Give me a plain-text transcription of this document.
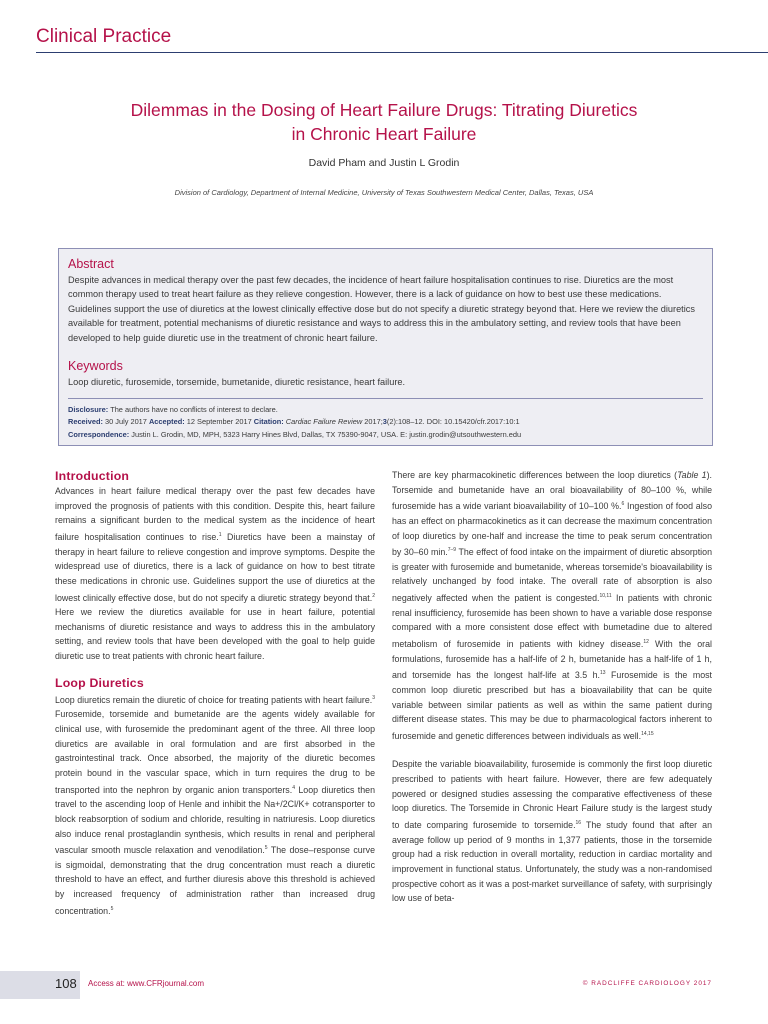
Clinical Practice
Dilemmas in the Dosing of Heart Failure Drugs: Titrating Diuretics
in Chronic Heart Failure
David Pham and Justin L Grodin
Division of Cardiology, Department of Internal Medicine, University of Texas Southwestern Medical Center, Dallas, Texas, USA
Abstract
Despite advances in medical therapy over the past few decades, the incidence of heart failure hospitalisation continues to rise. Diuretics are the most common therapy used to treat heart failure as they relieve congestion. However, there is a lack of guidance on how to best use these medications. Guidelines support the use of diuretics at the lowest clinically effective dose but do not specify a diuretic strategy beyond that. Here we review the diuretics available for treatment, potential mechanisms of diuretic resistance and ways to address this in the ambulatory setting, and review tools that have been developed to help guide diuretic use in the treatment of chronic heart failure.
Keywords
Loop diuretic, furosemide, torsemide, bumetanide, diuretic resistance, heart failure.
Disclosure: The authors have no conflicts of interest to declare.
Received: 30 July 2017 Accepted: 12 September 2017 Citation: Cardiac Failure Review 2017;3(2):108–12. DOI: 10.15420/cfr.2017:10:1
Correspondence: Justin L. Grodin, MD, MPH, 5323 Harry Hines Blvd, Dallas, TX 75390-9047, USA. E: justin.grodin@utsouthwestern.edu
Introduction

Advances in heart failure medical therapy over the past few decades have improved the prognosis of patients with this condition. Despite this, heart failure remains a significant burden to the medical system as the incidence of heart failure hospitalisation continues to rise.$^1$ Diuretics have been a mainstay of therapy in heart failure to relieve congestion and improve symptoms. Despite the widespread use of diuretics, there is a lack of guidance on how to best titrate these medications in chronic use. Guidelines support the use of diuretics at the lowest clinically effective dose, but do not specify a diuretic strategy beyond that.$^2$ Here we review the diuretics available for use in heart failure, potential mechanisms of diuretic resistance and ways to address this in the ambulatory setting, and review tools that have been developed with the goal to help guide diuretic use to treat patients with chronic heart failure.

Loop Diuretics

Loop diuretics remain the diuretic of choice for treating patients with heart failure.$^3$ Furosemide, torsemide and bumetanide are the agents widely available for clinical use, with furosemide the predominant agent of the three. All three loop diuretics are available in oral formulation and are first absorbed in the gastrointestinal track. Once absorbed, the majority of the diuretic becomes protein bound in the vascular space, which in turn requires the drug to be transported into the nephron by organic anion transporters.$^4$ Loop diuretics then travel to the ascending loop of Henle and inhibit the Na+/2Cl/K+ cotransporter to block reabsorption of sodium and chloride, resulting in natriuresis. Loop diuretics also induce renal prostaglandin synthesis, which results in renal and peripheral vascular smooth muscle relaxation and venodilation.$^5$ The dose–response curve is sigmoidal, demonstrating that the drug concentration must reach a diuretic threshold to have an effect, and further diuresis above this threshold is achieved by increased frequency of administration rather than increased drug concentration.$^5$

There are key pharmacokinetic differences between the loop diuretics (Table 1). Torsemide and bumetanide have an oral bioavailability of 80–100 %, while furosemide has a wide variant bioavailability of 10–100 %.$^6$ Ingestion of food also has an effect on pharmacokinetics as it can decrease the maximum concentration of loop diuretics by one-half and increase the time to peak serum concentration by 30–60 min.$^{7-9}$ The effect of food intake on the impairment of diuretic absorption is greater with furosemide and bumetanide, whereas torsemide's bioavailability is relatively unchanged by food intake. The overall rate of absorption is also negatively affected when the patient is congested.$^{10,11}$ In patients with chronic renal insufficiency, furosemide has been shown to have a variable dose response compared with a more consistent dose effect with bumetadine due to altered metabolism of furosemide in patients with kidney disease.$^{12}$ With the oral formulations, furosemide has a half-life of 2 h, bumetanide has a half-life of 1 h, and torsemide has the longest half-life at 3.5 h.$^{13}$ Furosemide is the most common loop diuretic prescribed but has a bioavailability that can be quite variable between similar patients as well as within the same patient during different disease states. This may be due to pharmacological factors inherent to furosemide and genetic differences between individuals as well.$^{14,15}$

Despite the variable bioavailability, furosemide is commonly the first loop diuretic prescribed to patients with heart failure. However, there are few adequately powered or designed studies assessing the comparative effectiveness of these loop diuretics. The Torsemide in Chronic Heart Failure study is the largest study to date comparing furosemide to torsemide.$^{16}$ The study found that after an average follow up period of 9 months in 1,377 patients, those in the torsemide group had a risk reduction in overall mortality, reduction in cardiac mortality and improvement in functional status. Unfortunately, the study was a non-randomised prospective cohort as it was a post-market surveillance of safety, with surprisingly low use of beta-

108 Access at: www.CFRjournal.com	© RADCLIFFE CARDIOLOGY 2017
